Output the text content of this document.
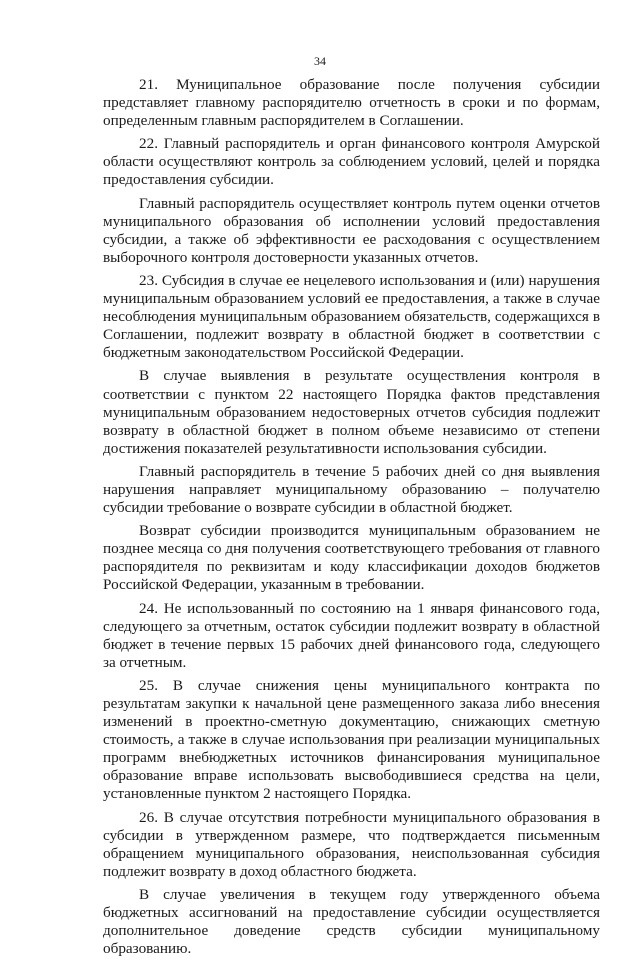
34

21. Муниципальное образование после получения субсидии представляет главному распорядителю отчетность в сроки и по формам, определенным главным распорядителем в Соглашении.

22. Главный распорядитель и орган финансового контроля Амурской области осуществляют контроль за соблюдением условий, целей и порядка предоставления субсидии.

Главный распорядитель осуществляет контроль путем оценки отчетов муниципального образования об исполнении условий предоставления субсидии, а также об эффективности ее расходования с осуществлением выборочного контроля достоверности указанных отчетов.

23. Субсидия в случае ее нецелевого использования и (или) нарушения муниципальным образованием условий ее предоставления, а также в случае несоблюдения муниципальным образованием обязательств, содержащихся в Соглашении, подлежит возврату в областной бюджет в соответствии с бюджетным законодательством Российской Федерации.

В случае выявления в результате осуществления контроля в соответствии с пунктом 22 настоящего Порядка фактов представления муниципальным образованием недостоверных отчетов субсидия подлежит возврату в областной бюджет в полном объеме независимо от степени достижения показателей результативности использования субсидии.

Главный распорядитель в течение 5 рабочих дней со дня выявления нарушения направляет муниципальному образованию – получателю субсидии требование о возврате субсидии в областной бюджет.

Возврат субсидии производится муниципальным образованием не позднее месяца со дня получения соответствующего требования от главного распорядителя по реквизитам и коду классификации доходов бюджетов Российской Федерации, указанным в требовании.

24. Не использованный по состоянию на 1 января финансового года, следующего за отчетным, остаток субсидии подлежит возврату в областной бюджет в течение первых 15 рабочих дней финансового года, следующего за отчетным.

25. В случае снижения цены муниципального контракта по результатам закупки к начальной цене размещенного заказа либо внесения изменений в проектно-сметную документацию, снижающих сметную стоимость, а также в случае использования при реализации муниципальных программ внебюджетных источников финансирования муниципальное образование вправе использовать высвободившиеся средства на цели, установленные пунктом 2 настоящего Порядка.

26. В случае отсутствия потребности муниципального образования в субсидии в утвержденном размере, что подтверждается письменным обращением муниципального образования, неиспользованная субсидия подлежит возврату в доход областного бюджета.

В случае увеличения в текущем году утвержденного объема бюджетных ассигнований на предоставление субсидии осуществляется дополнительное доведение средств субсидии муниципальному образованию.
